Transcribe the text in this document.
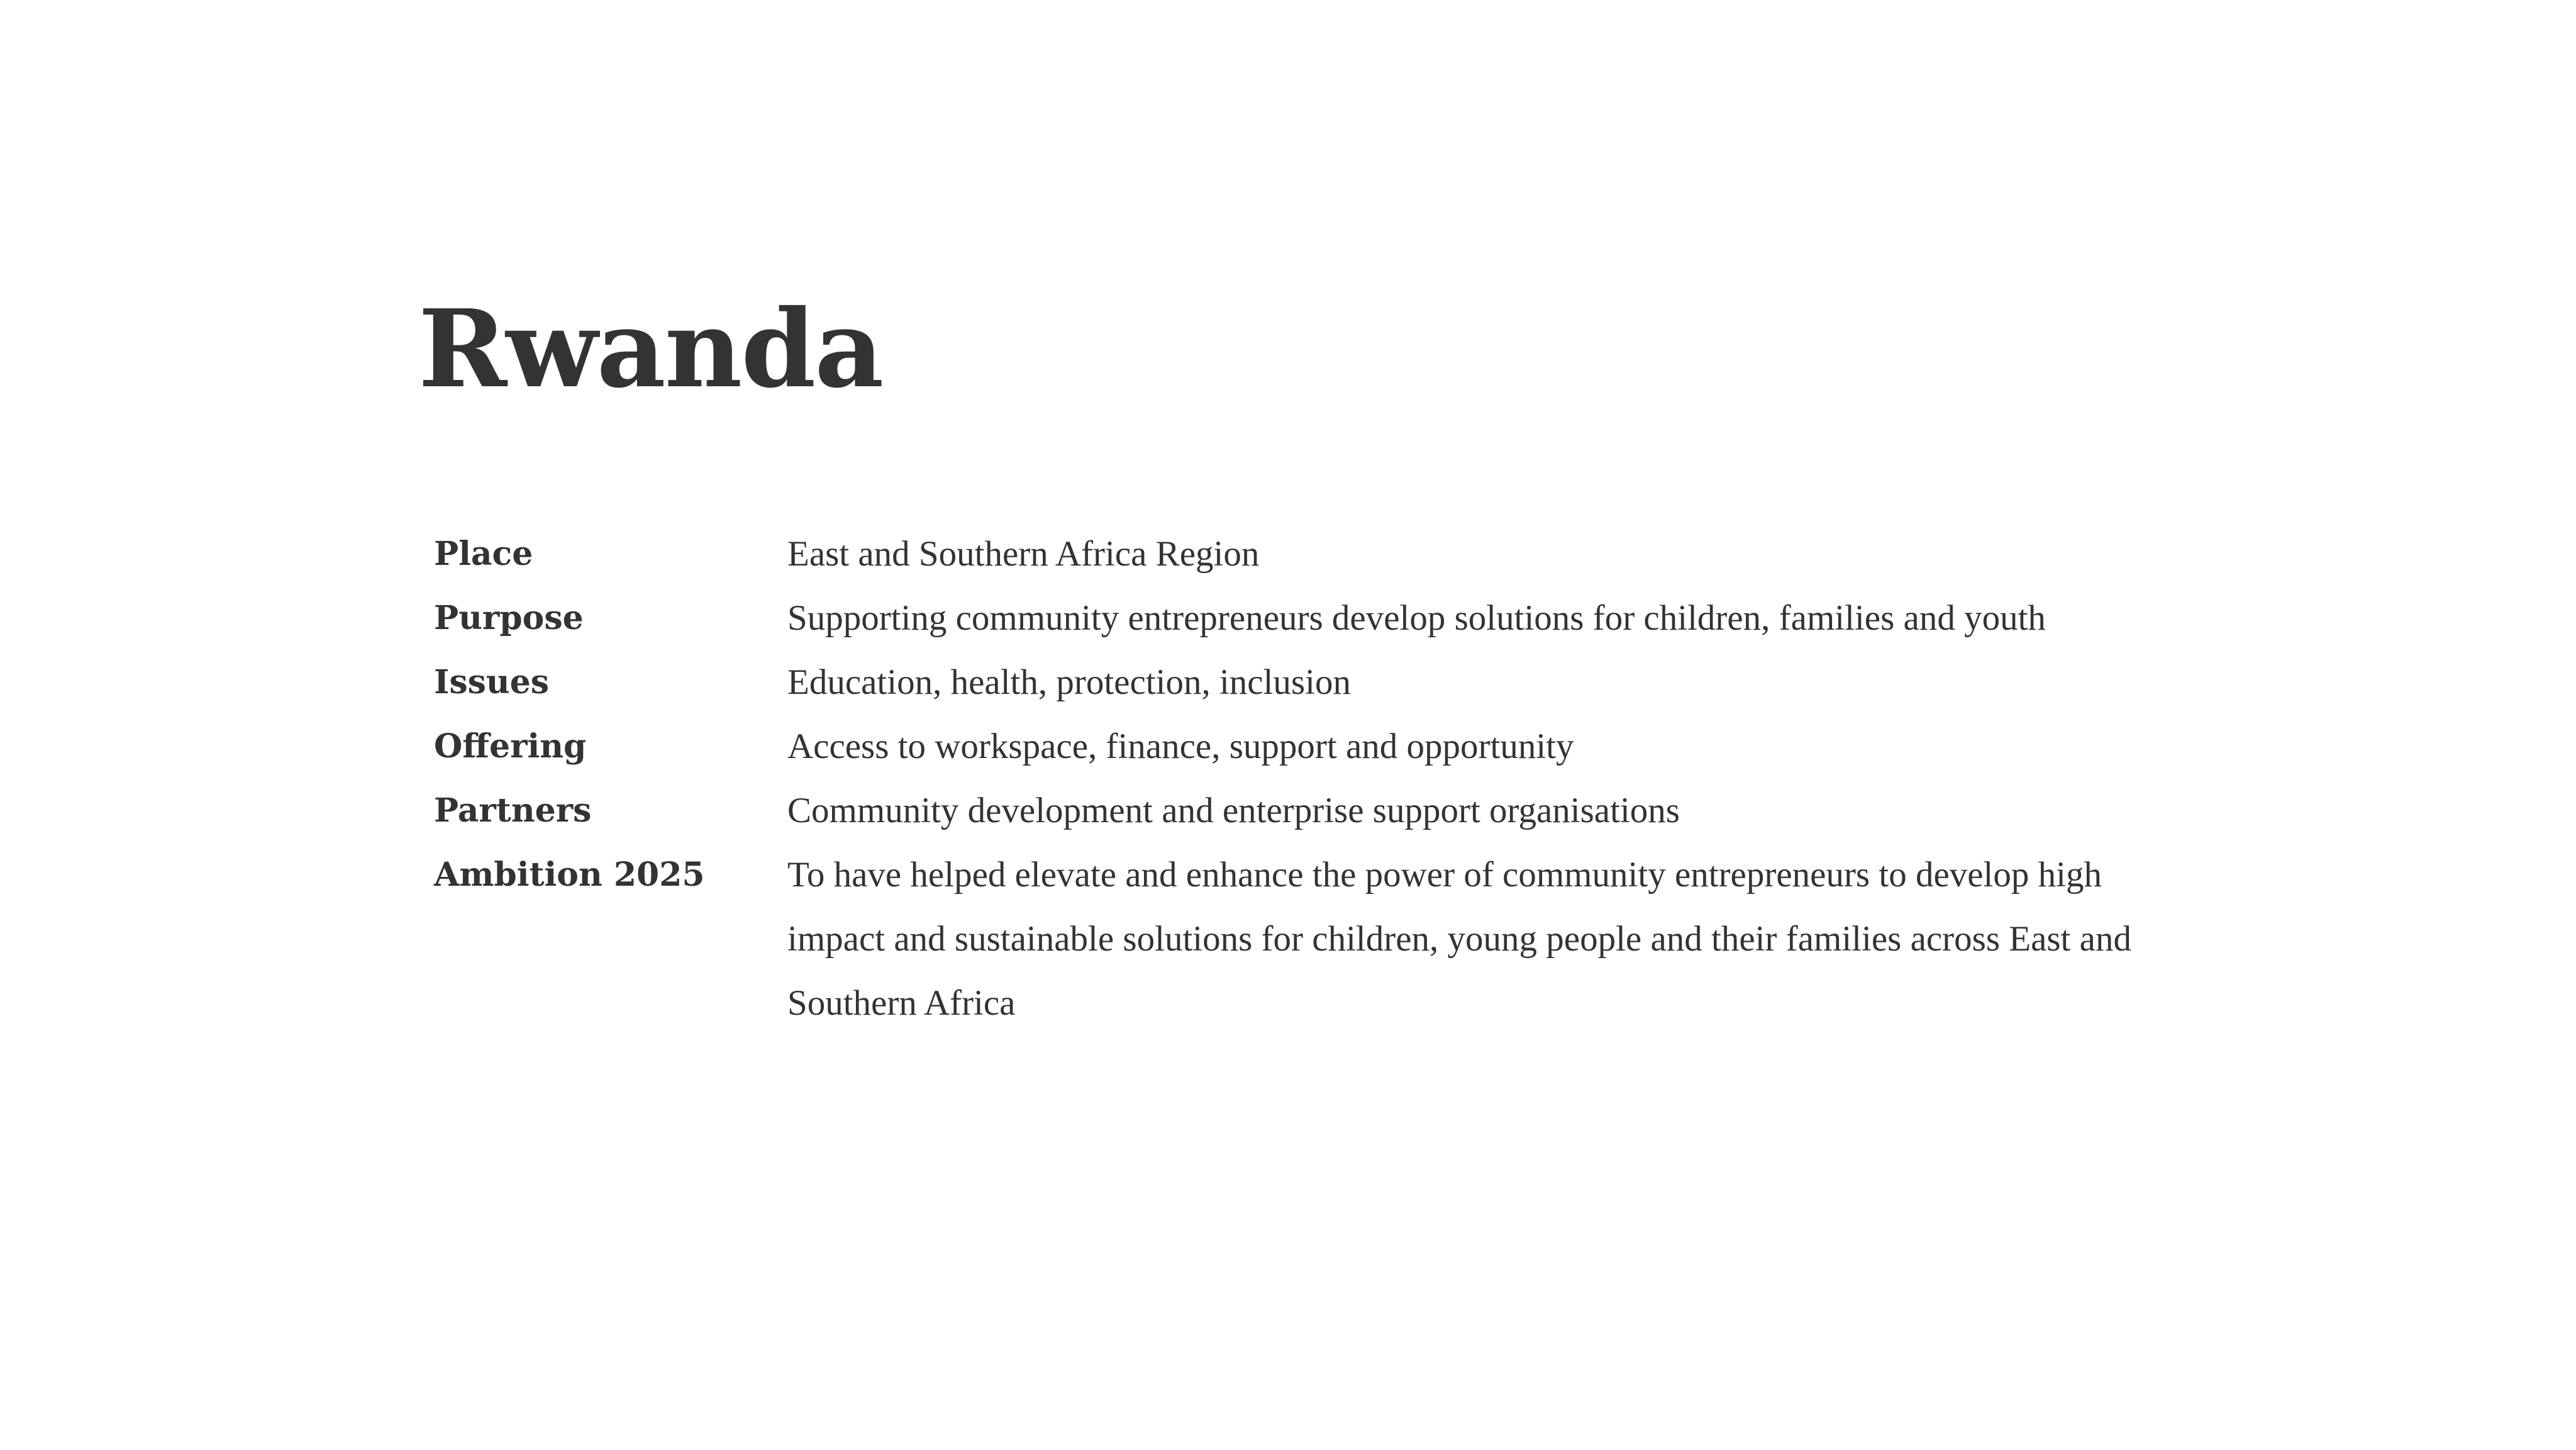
Rwanda
Place	East and Southern Africa Region
Purpose	Supporting community entrepreneurs develop solutions for children, families and youth
Issues	Education, health, protection, inclusion
Offering	Access to workspace, finance, support and opportunity
Partners	Community development and enterprise support organisations
Ambition 2025	To have helped elevate and enhance the power of community entrepreneurs to develop high impact and sustainable solutions for children, young people and their families across East and Southern Africa
